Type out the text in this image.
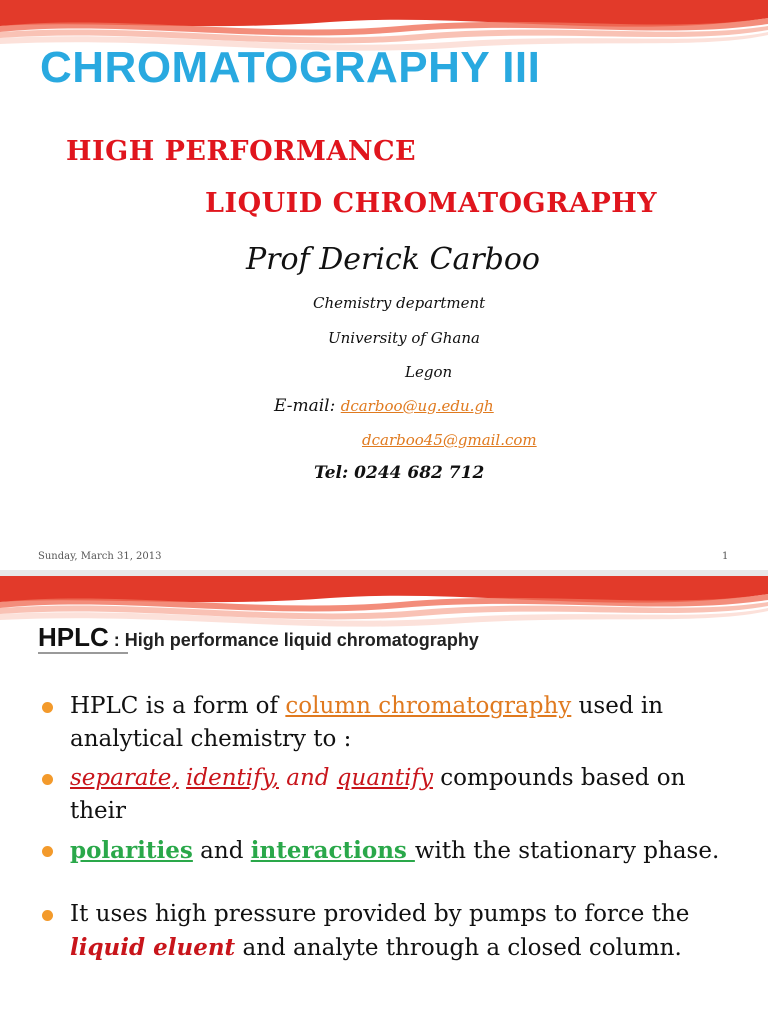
CHROMATOGRAPHY III
HIGH PERFORMANCE
LIQUID CHROMATOGRAPHY
Prof Derick Carboo
Chemistry department
University of Ghana
Legon
E-mail: dcarboo@ug.edu.gh
dcarboo45@gmail.com
Tel: 0244 682 712
Sunday, March 31, 2013	1
HPLC : High performance liquid chromatography
HPLC is a form of column chromatography used in analytical chemistry to :
separate, identify, and quantify compounds based on their
polarities and interactions with the stationary phase.
It uses high pressure provided by pumps to force the liquid eluent and analyte through a closed column.
